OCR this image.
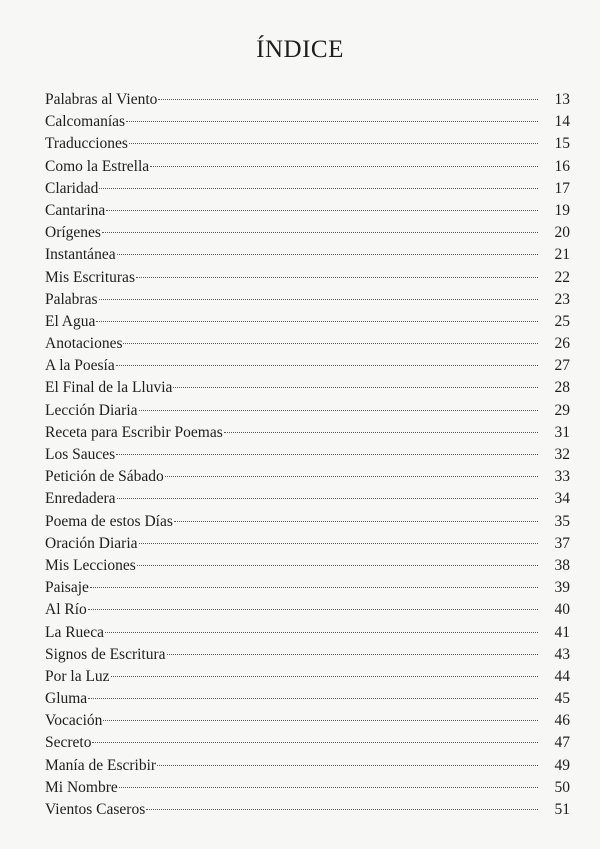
ÍNDICE
Palabras al Viento	13
Calcomanías	14
Traducciones	15
Como la Estrella	16
Claridad	17
Cantarina	19
Orígenes	20
Instantánea	21
Mis Escrituras	22
Palabras	23
El Agua	25
Anotaciones	26
A la Poesía	27
El Final de la Lluvia	28
Lección Diaria	29
Receta para Escribir Poemas	31
Los Sauces	32
Petición de Sábado	33
Enredadera	34
Poema de estos Días	35
Oración Diaria	37
Mis Lecciones	38
Paisaje	39
Al Río	40
La Rueca	41
Signos de Escritura	43
Por la Luz	44
Gluma	45
Vocación	46
Secreto	47
Manía de Escribir	49
Mi Nombre	50
Vientos Caseros	51
